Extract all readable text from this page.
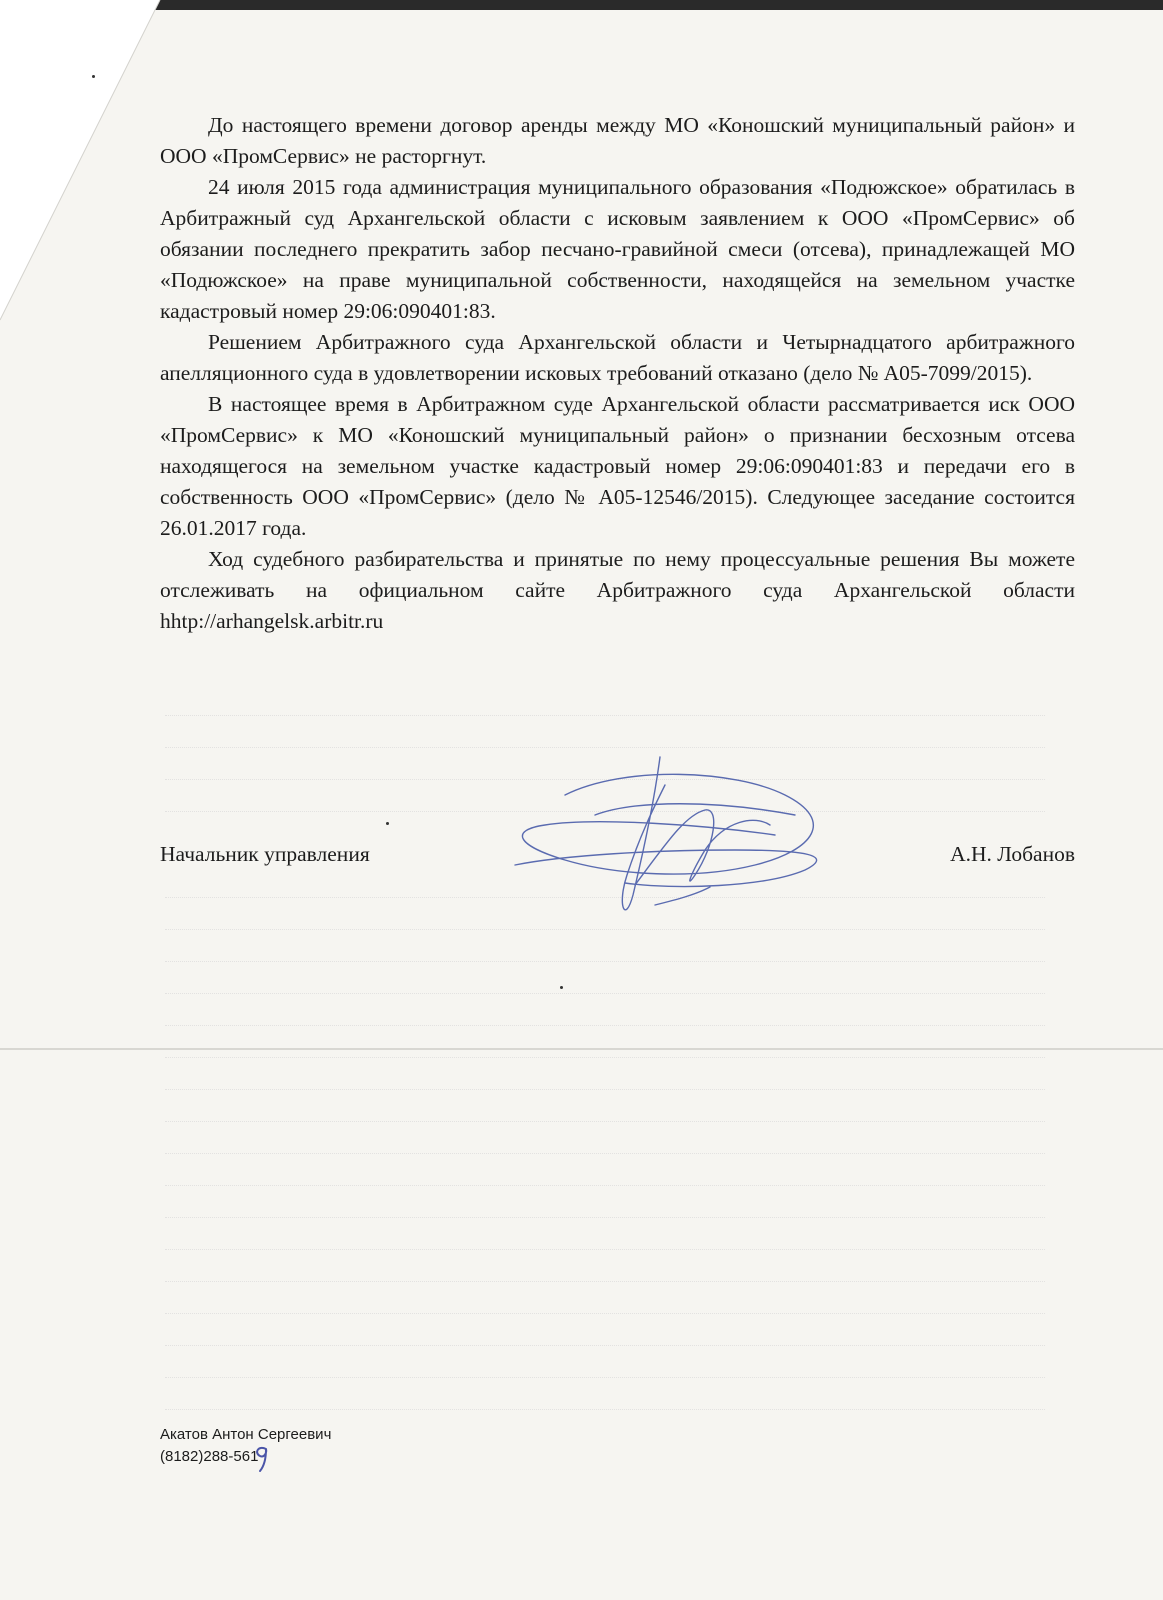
До настоящего времени договор аренды между МО «Коношский муниципальный район» и ООО «ПромСервис» не расторгнут.

24 июля 2015 года администрация муниципального образования «Подюжское» обратилась в Арбитражный суд Архангельской области с исковым заявлением к ООО «ПромСервис» об обязании последнего прекратить забор песчано-гравийной смеси (отсева), принадлежащей МО «Подюжское» на праве муниципальной собственности, находящейся на земельном участке кадастровый номер 29:06:090401:83.

Решением Арбитражного суда Архангельской области и Четырнадцатого арбитражного апелляционного суда в удовлетворении исковых требований отказано (дело № А05-7099/2015).

В настоящее время в Арбитражном суде Архангельской области рассматривается иск ООО «ПромСервис» к МО «Коношский муниципальный район» о признании бесхозным отсева находящегося на земельном участке кадастровый номер 29:06:090401:83 и передачи его в собственность ООО «ПромСервис» (дело № А05-12546/2015). Следующее заседание состоится 26.01.2017 года.

Ход судебного разбирательства и принятые по нему процессуальные решения Вы можете отслеживать на официальном сайте Арбитражного суда Архангельской области hhtp://arhangelsk.arbitr.ru

Начальник управления	А.Н. Лобанов
Акатов Антон Сергеевич
(8182)288-561
